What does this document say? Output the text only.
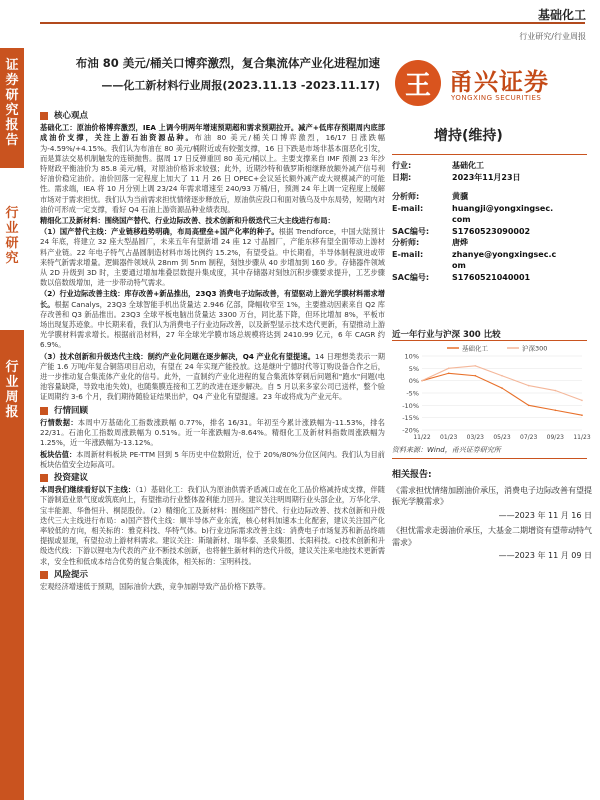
基础化工
行业研究/行业周报
证
券
研
究
报
告
行
业
研
究
行
业
周
报
布油 80 美元/桶关口博弈激烈，复合集流体产业化进程加速
——化工新材料行业周报(2023.11.13 -2023.11.17) 王 甬兴证券
YONGXING SECURITIES
核心观点

基础化工：原油价格博弈激烈，IEA 上调今明两年增速预期超和需求预期拉开。减产+低库存预期周内底部成油价支撑，关注上游石油资源品种。布油 80 美元/桶关口博弈激烈，16/17 日涨跌幅为-4.59%/+4.15%。我们认为布油在 80 美元/桶附近或有较强支撑，16 日下跌是市场非基本面恶化引发，而是算法交易机制触发的连锁抛售。据周 17 日反弹重回 80 美元/桶以上。主要支撑来自 IMF 预测 23 年沙特财政平衡油价为 85.8 美元/桶，对原油价格诉求较强；此外，近期沙特和俄罗斯相继释放额外减产信号利好油价稳定油价。油价回落一定程度上加大了 11 月 26 日 OPEC+会议延长额外减产或大规模减产的可能性。需求端，IEA 将 10 月分别上调 23/24 年需求增速至 240/93 万桶/日，预测 24 年上调一定程度上缓解市场对于需求担忧。我们认为当前需求担忧情绪逐步释放后，原油供应段口和面对俄乌及中东局势，短期内对油价可形成一定支撑，看好 Q4 石油上游资源品种业绩表现。

精细化工及新材料：围绕国产替代、行业边际改善、技术创新和升级迭代三大主线进行布局：

（1）国产替代主线：产业链移趋势明确，布局高壁垒+国产化率的种子。根据 Trendforce，中国大陆预计 24 年底，将建立 32 座大型晶圆厂，未来五年有望新增 24 座 12 寸晶圆厂，产能东移有望全面带动上游材料产业链。22 年电子特气占晶圆制造材料市场比例约 15.2%，有望受益。中长期看，半导体制程演进或带来特气新需求增量。逻辑器件领域从 28nm 到 5nm 制程，刻蚀步骤从 40 步增加到 160 步。存储器件领域从 2D 升级到 3D 时，主要通过增加堆叠层数提升集成度，其中存储器对刻蚀沉积步骤要求提升，工艺步骤数以倍数级增加，进一步带动特气需求。

（2）行业边际改善主线：库存改善+新品推出，23Q3 消费电子边际改善，有望驱动上游光学膜材料需求增长。根据 Canalys，23Q3 全球智能手机出货量达 2.946 亿部，降幅收窄至 1%，主要推动因素来自 Q2 库存改善和 Q3 新品推出。23Q3 全球平板电脑出货量达 3300 万台，同比基下降，但环比增加 8%，平板市场出现复苏迹象。中长期来看，我们认为消费电子行业边际改善，以及新型显示技术迭代更新，有望推动上游光学膜材料需求增长。根据前沿材料，27 年全球光学膜市场总规模将达到 2410.99 亿元，6 年 CAGR 约 6.9%。

（3）技术创新和升级迭代主线：制约产业化问题在逐步解决，Q4 产业化有望提速。14 日理想类表示一期产能 1.6 万吨/年复合铜箔项目启动，有望在 24 年实现产能投放。这是继叶宁德时代等订购设备合作之后，进一步推动复合集流体产业化的信号。此外，一直制约产业化进程的复合集流体穿刺后问题和"跑水"问题(电池容量缺降，导致电池失效)，也随集膜连接和工艺的改进在逐步解决。自 5 月以来多家公司已送样，整个验证周期约 3-6 个月，我们期待随验证结果出炉，Q4 产业化有望提速。23 年或将成为产业元年。

行情回顾

行情数据：本周中万基础化工指数涨跌幅 0.77%，排名 16/31。年初至今累计涨跌幅为-11.53%，排名 22/31。石油化工指数周涨跌幅为 0.51%。近一年涨跌幅为-8.64%。精细化工及新材料指数周涨跌幅为 1.25%，近一年涨跌幅为-13.12%。

板块估值：本周新材料板块 PE-TTM 回到 5 年历史中位数附近，位于 20%/80%分位区间内。我们认为目前板块估值安全边际高可。

投资建议

本周我们继续看好以下主线：（1）基础化工：我们认为原油供需矛盾减口或在化工品价格减持成支撑，伴随下游制造业景气度或筑底向上，有望推动行业整体盈利能力回升。建议关注明周期行业头部企业，万华化学、宝丰能源、华鲁恒升、桐昆股份。（2）精细化工及新材料：围绕国产替代、行业边际改善、技术创新和升级迭代三大主线进行布局：a)国产替代主线：顺半导体产业东流，核心材料加速本土化配套，建议关注国产化率较低的方向，相关标的：雅克科技、华特气体。b)行业边际需求改善主线：消费电子市场复苏和新品终端提振或显现，有望拉动上游材料需求。建议关注：斯瑞新材、瑞华泰、圣泉集团、长阳科技。c)技术创新和升级迭代线：下游以锂电为代表的产业不断技术创新，也将催生新材料的迭代升级，建议关注来电池技术更新需求，安全性和低成本结合优势的复合集流体，相关标的：宝明科技。

风险提示

宏观经济增速低于预期，国际油价大跌，竞争加剧导致产品价格下跌等。

增持(维持)
行业:	基础化工
日期:	2023年11月23日
分析师:	黄骥
E-mail:	huangji@yongxingsec.
com
SAC编号:	S1760523090002
分析师:	唐烨
E-mail:	zhanye@yongxingsec.c
om
SAC编号:	S1760521040001
近一年行业与沪深 300 比较
10%
5%
0%
-5%
-10%
-15%
-20%
11/22 01/23 03/23 05/23 07/23 09/23 11/23
基础化工	沪深300
资料来源：Wind，甬兴证券研究所
相关报告:
《需求担忧情绪加剧油价承压，消费电子边际改善有望提振光学膜需求》
——2023 年 11 月 16 日
《担忧需求走弱油价承压，大基金二期增资有望带动特气需求》
——2023 年 11 月 09 日
